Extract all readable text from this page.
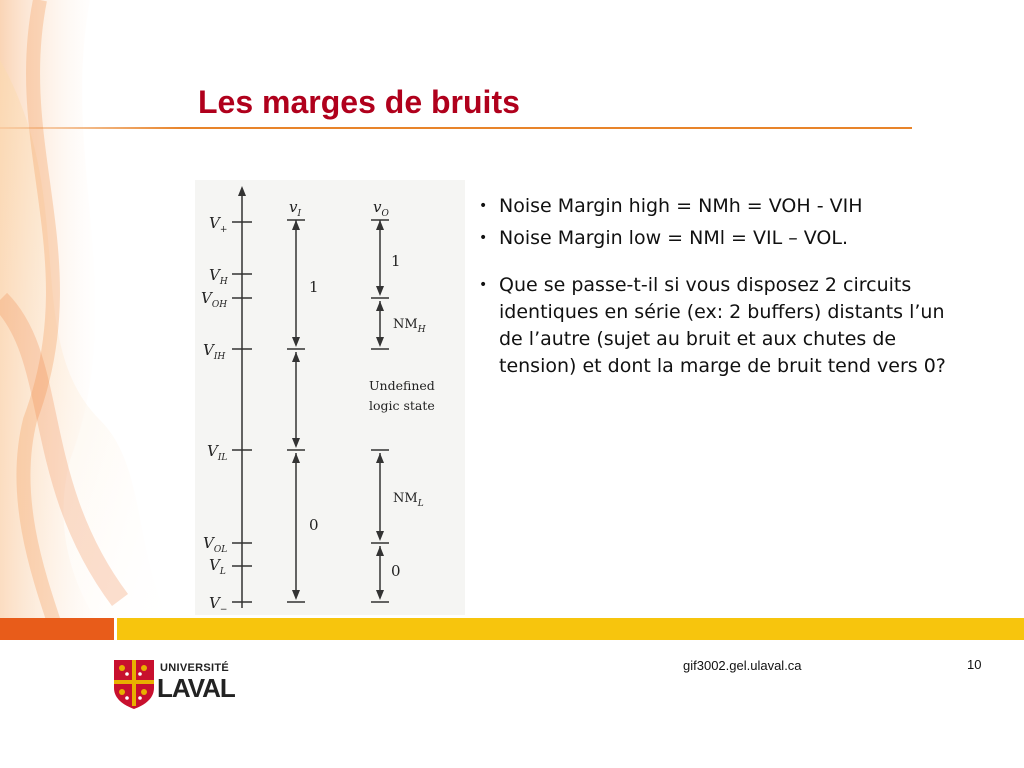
Les marges de bruits
$V_+$
$V_H$
$V_{OH}$
$V_{IH}$
$V_{IL}$
$V_{OL}$
$V_L$
$V_-$
$v_I$
1
0
$v_O$
1
0
$NM_H$
$NM_L$
Undefined
logic state
• Noise Margin high = NMh = VOH - VIH
• Noise Margin low = NMl = VIL – VOL.
• Que se passe-t-il si vous disposez 2 circuits identiques en série (ex: 2 buffers) distants l’un de l’autre (sujet au bruit et aux chutes de tension) et dont la marge de bruit tend vers 0?
UNIVERSITÉ
LAVAL
gif3002.gel.ulaval.ca	10
